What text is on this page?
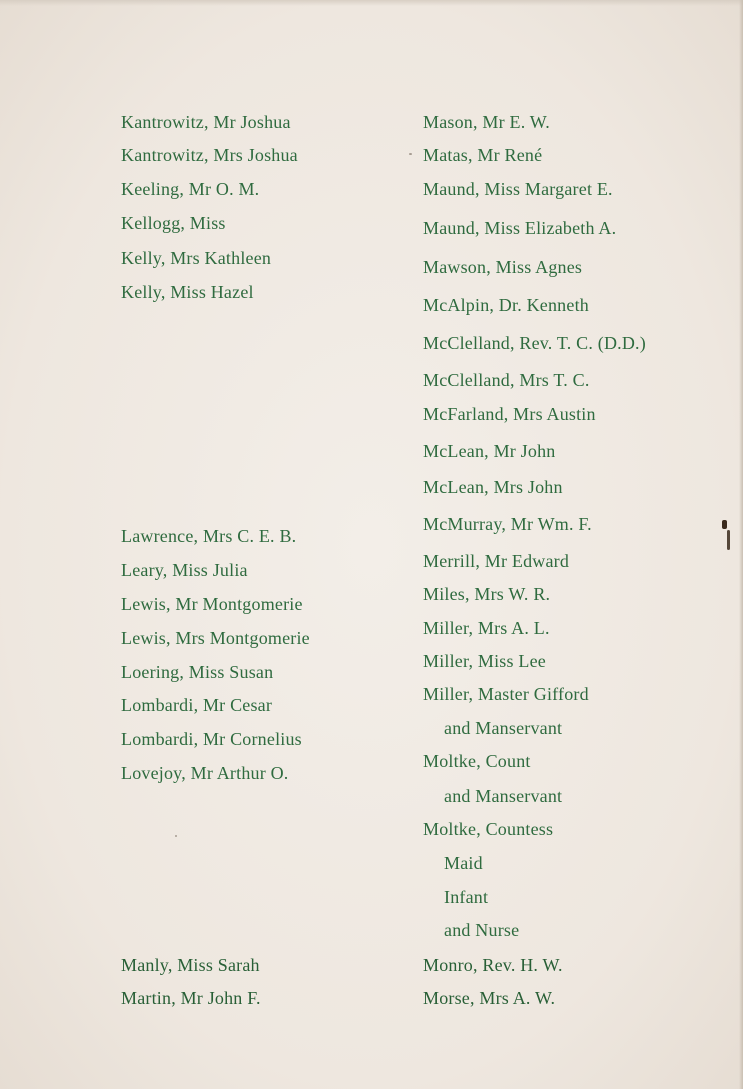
Kantrowitz, Mr Joshua
Kantrowitz, Mrs Joshua
Keeling, Mr O. M.
Kellogg, Miss
Kelly, Mrs Kathleen
Kelly, Miss Hazel
Lawrence, Mrs C. E. B.
Leary, Miss Julia
Lewis, Mr Montgomerie
Lewis, Mrs Montgomerie
Loering, Miss Susan
Lombardi, Mr Cesar
Lombardi, Mr Cornelius
Lovejoy, Mr Arthur O.
Manly, Miss Sarah
Martin, Mr John F.
Mason, Mr E. W.
Matas, Mr René
Maund, Miss Margaret E.
Maund, Miss Elizabeth A.
Mawson, Miss Agnes
McAlpin, Dr. Kenneth
McClelland, Rev. T. C. (D.D.)
McClelland, Mrs T. C.
McFarland, Mrs Austin
McLean, Mr John
McLean, Mrs John
McMurray, Mr Wm. F.
Merrill, Mr Edward
Miles, Mrs W. R.
Miller, Mrs A. L.
Miller, Miss Lee
Miller, Master Gifford
and Manservant
Moltke, Count
and Manservant
Moltke, Countess
Maid
Infant
and Nurse
Monro, Rev. H. W.
Morse, Mrs A. W.
